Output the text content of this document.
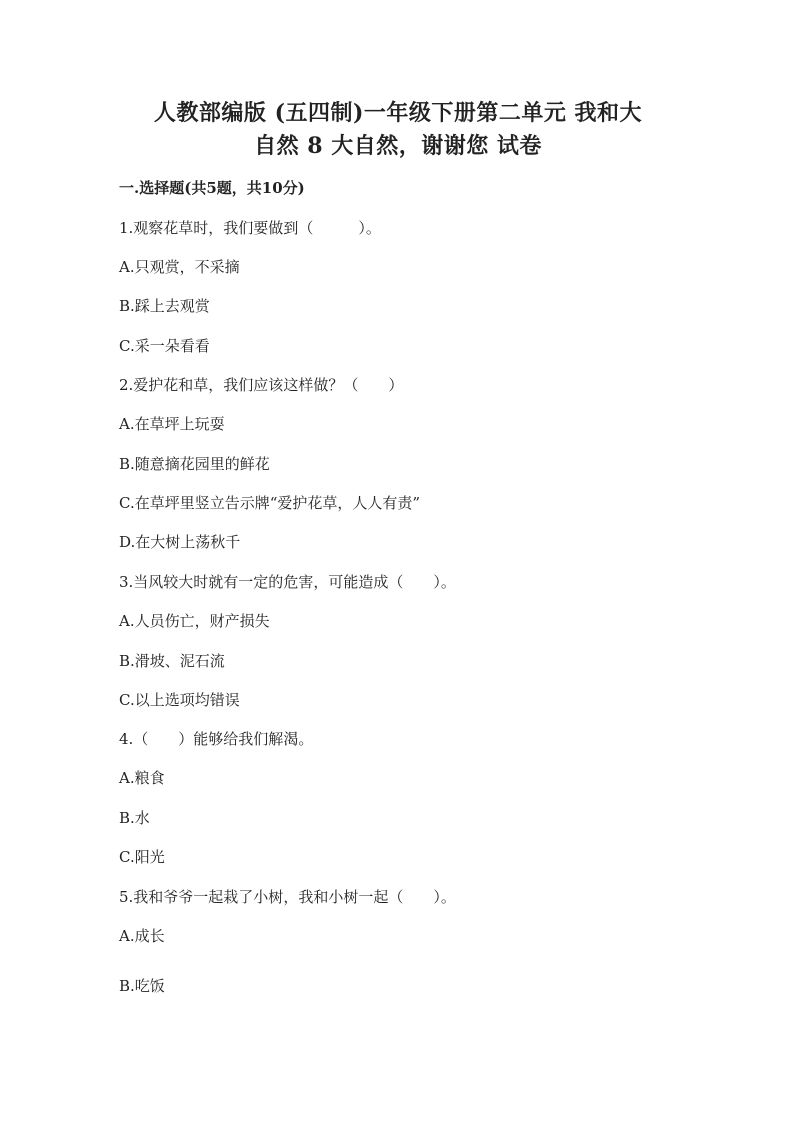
人教部编版 (五四制)一年级下册第二单元 我和大
自然 8 大自然，谢谢您 试卷
一.选择题(共5题，共10分)
1.观察花草时，我们要做到（　　　）。
A.只观赏，不采摘
B.踩上去观赏
C.采一朵看看
2.爱护花和草，我们应该这样做？（　　）
A.在草坪上玩耍
B.随意摘花园里的鲜花
C.在草坪里竖立告示牌“爱护花草，人人有责”
D.在大树上荡秋千
3.当风较大时就有一定的危害，可能造成（　　）。
A.人员伤亡，财产损失
B.滑坡、泥石流
C.以上选项均错误
4.（　　）能够给我们解渴。
A.粮食
B.水
C.阳光
5.我和爷爷一起栽了小树，我和小树一起（　　）。
A.成长
B.吃饭
